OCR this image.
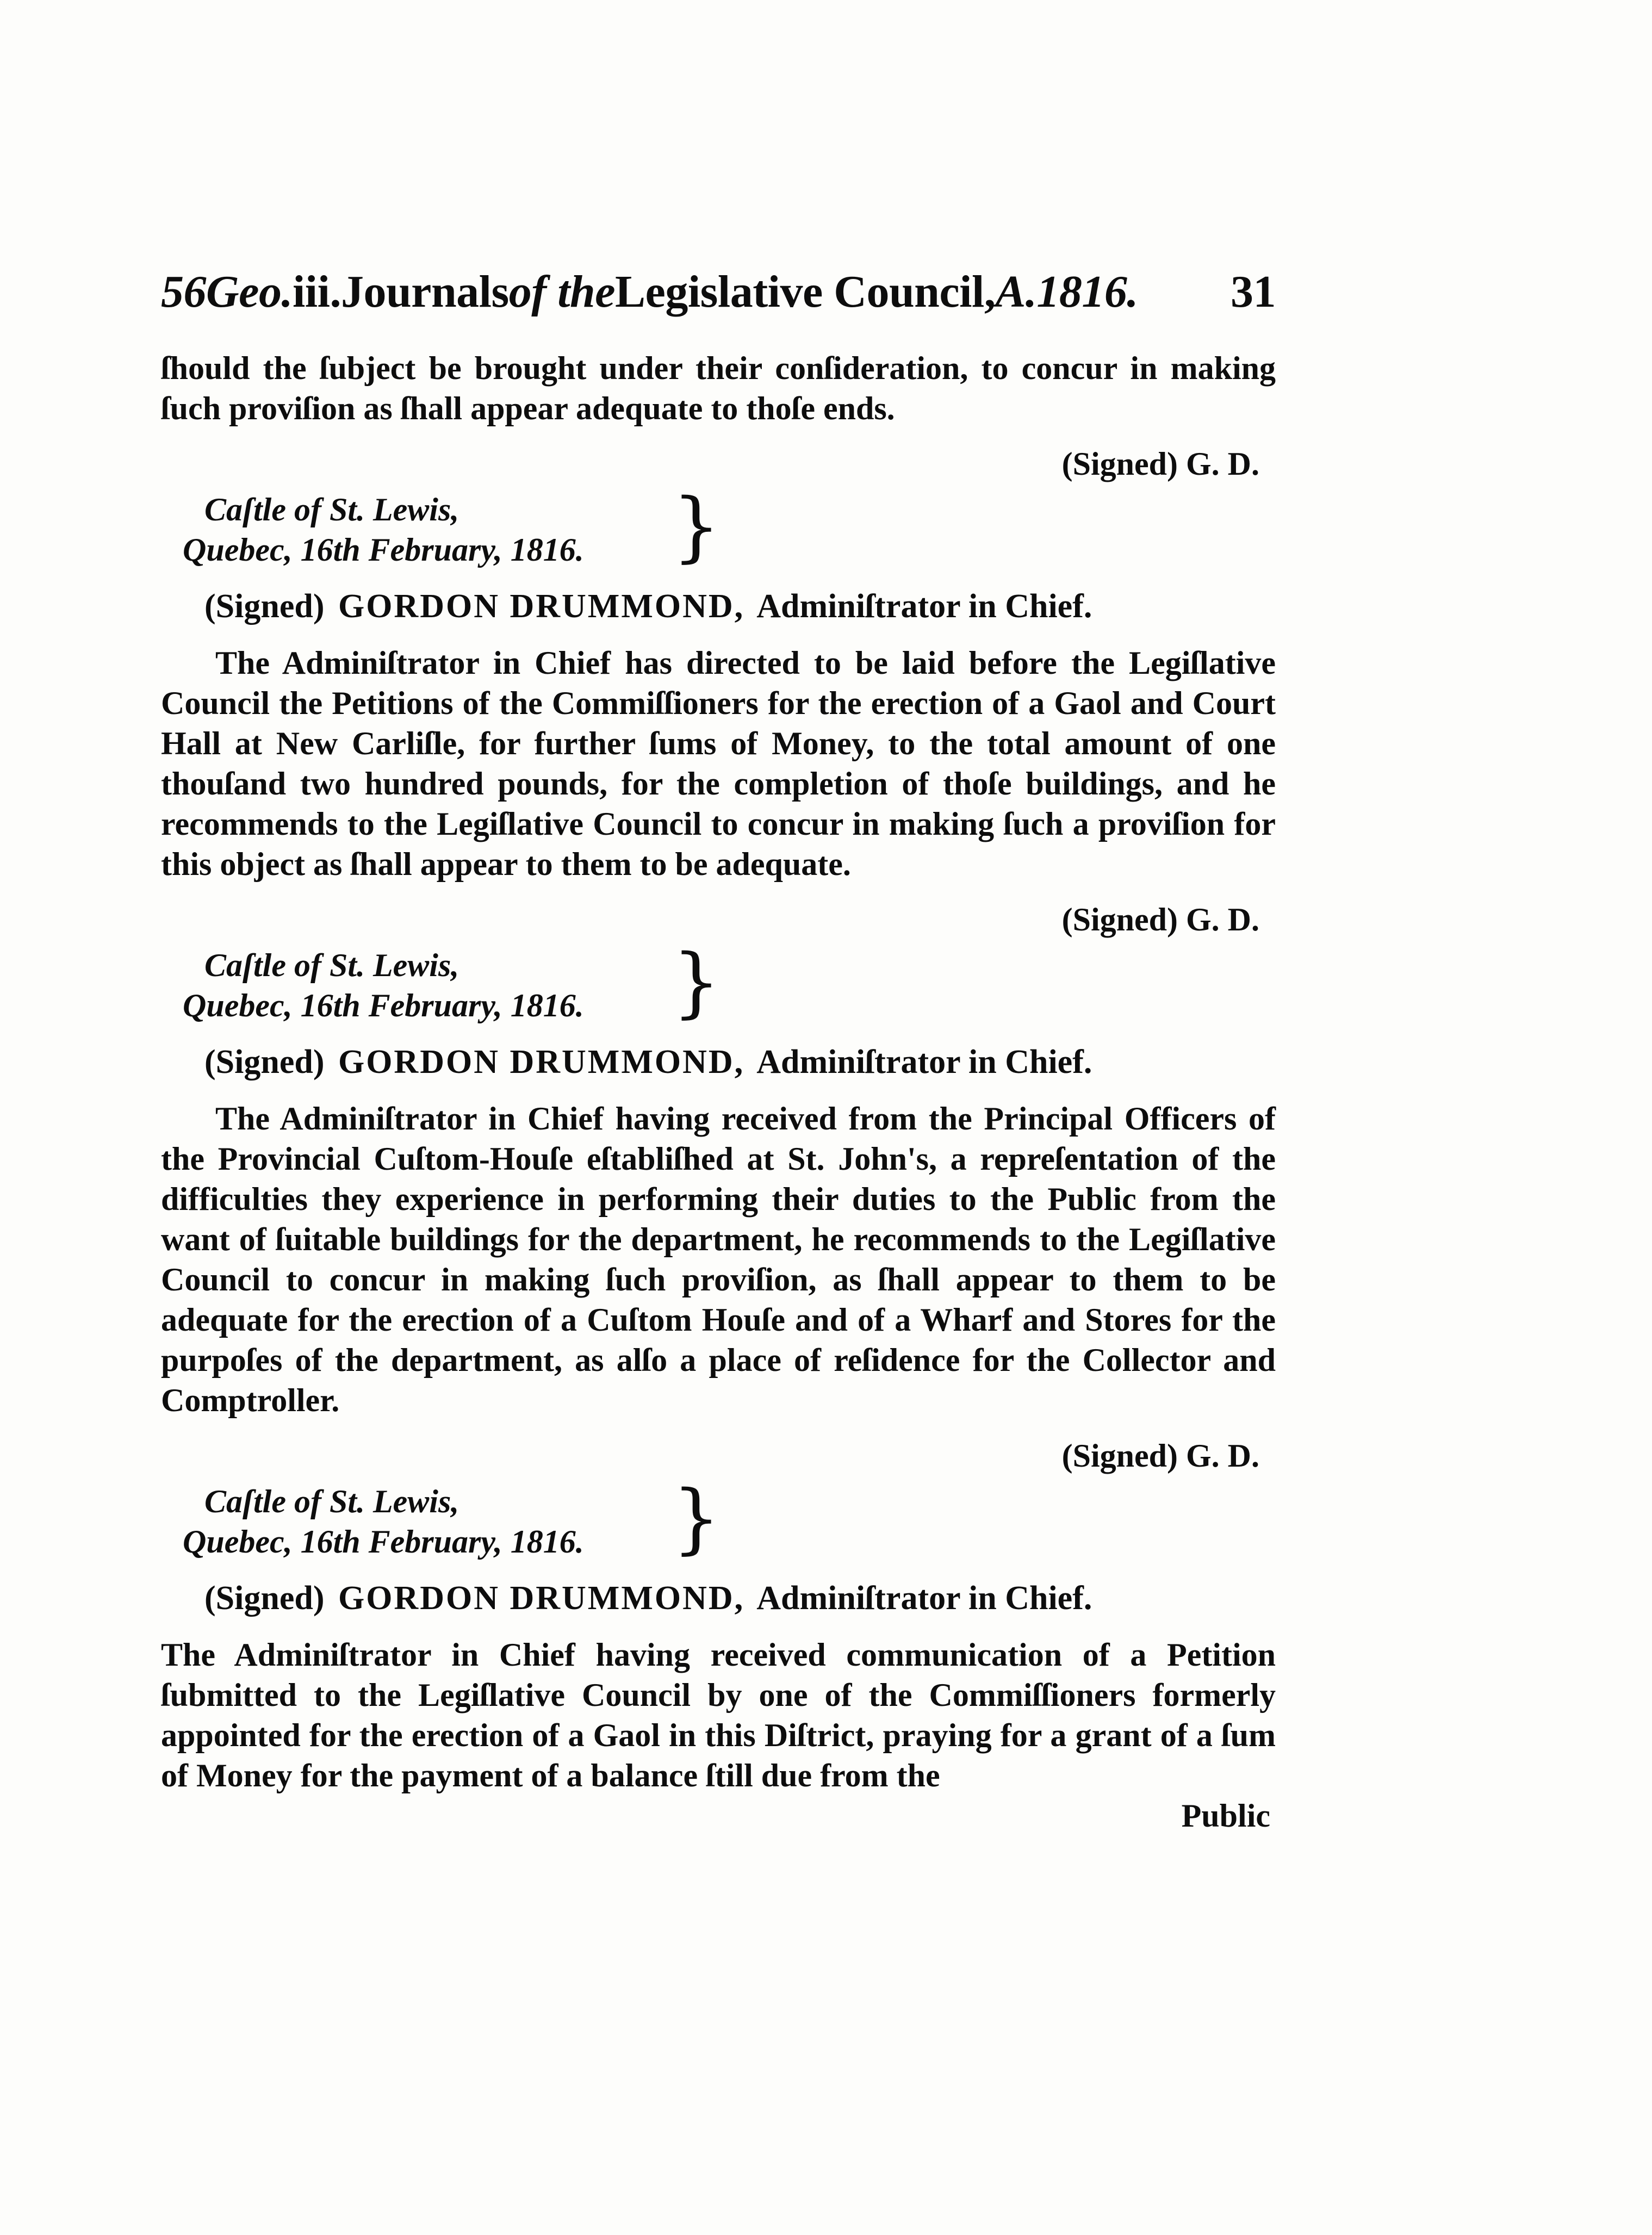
56Geo.iii.Journalsof theLegislative Council,A.1816. 31

ſhould the ſubject be brought under their conſideration, to concur in making ſuch proviſion as ſhall appear adequate to thoſe ends.

(Signed) G. D.
Caſtle of St. Lewis,
Quebec, 16th February, 1816. }
(Signed) GORDON DRUMMOND, Adminiſtrator in Chief.

The Adminiſtrator in Chief has directed to be laid before the Legiſlative Council the Petitions of the Commiſſioners for the erection of a Gaol and Court Hall at New Carliſle, for further ſums of Money, to the total amount of one thouſand two hundred pounds, for the completion of thoſe buildings, and he recommends to the Legiſlative Council to concur in making ſuch a proviſion for this object as ſhall appear to them to be adequate.

(Signed) G. D.
Caſtle of St. Lewis,
Quebec, 16th February, 1816. }
(Signed) GORDON DRUMMOND, Adminiſtrator in Chief.

The Adminiſtrator in Chief having received from the Principal Officers of the Provincial Cuſtom-Houſe eſtabliſhed at St. John's, a repreſentation of the difficulties they experience in performing their duties to the Public from the want of ſuitable buildings for the department, he recommends to the Legiſlative Council to concur in making ſuch proviſion, as ſhall appear to them to be adequate for the erection of a Cuſtom Houſe and of a Wharf and Stores for the purpoſes of the department, as alſo a place of reſidence for the Collector and Comptroller.

(Signed) G. D.
Caſtle of St. Lewis,
Quebec, 16th February, 1816. }
(Signed) GORDON DRUMMOND, Adminiſtrator in Chief.

The Adminiſtrator in Chief having received communication of a Petition ſubmitted to the Legiſlative Council by one of the Commiſſioners formerly appointed for the erection of a Gaol in this Diſtrict, praying for a grant of a ſum of Money for the payment of a balance ſtill due from the

Public
